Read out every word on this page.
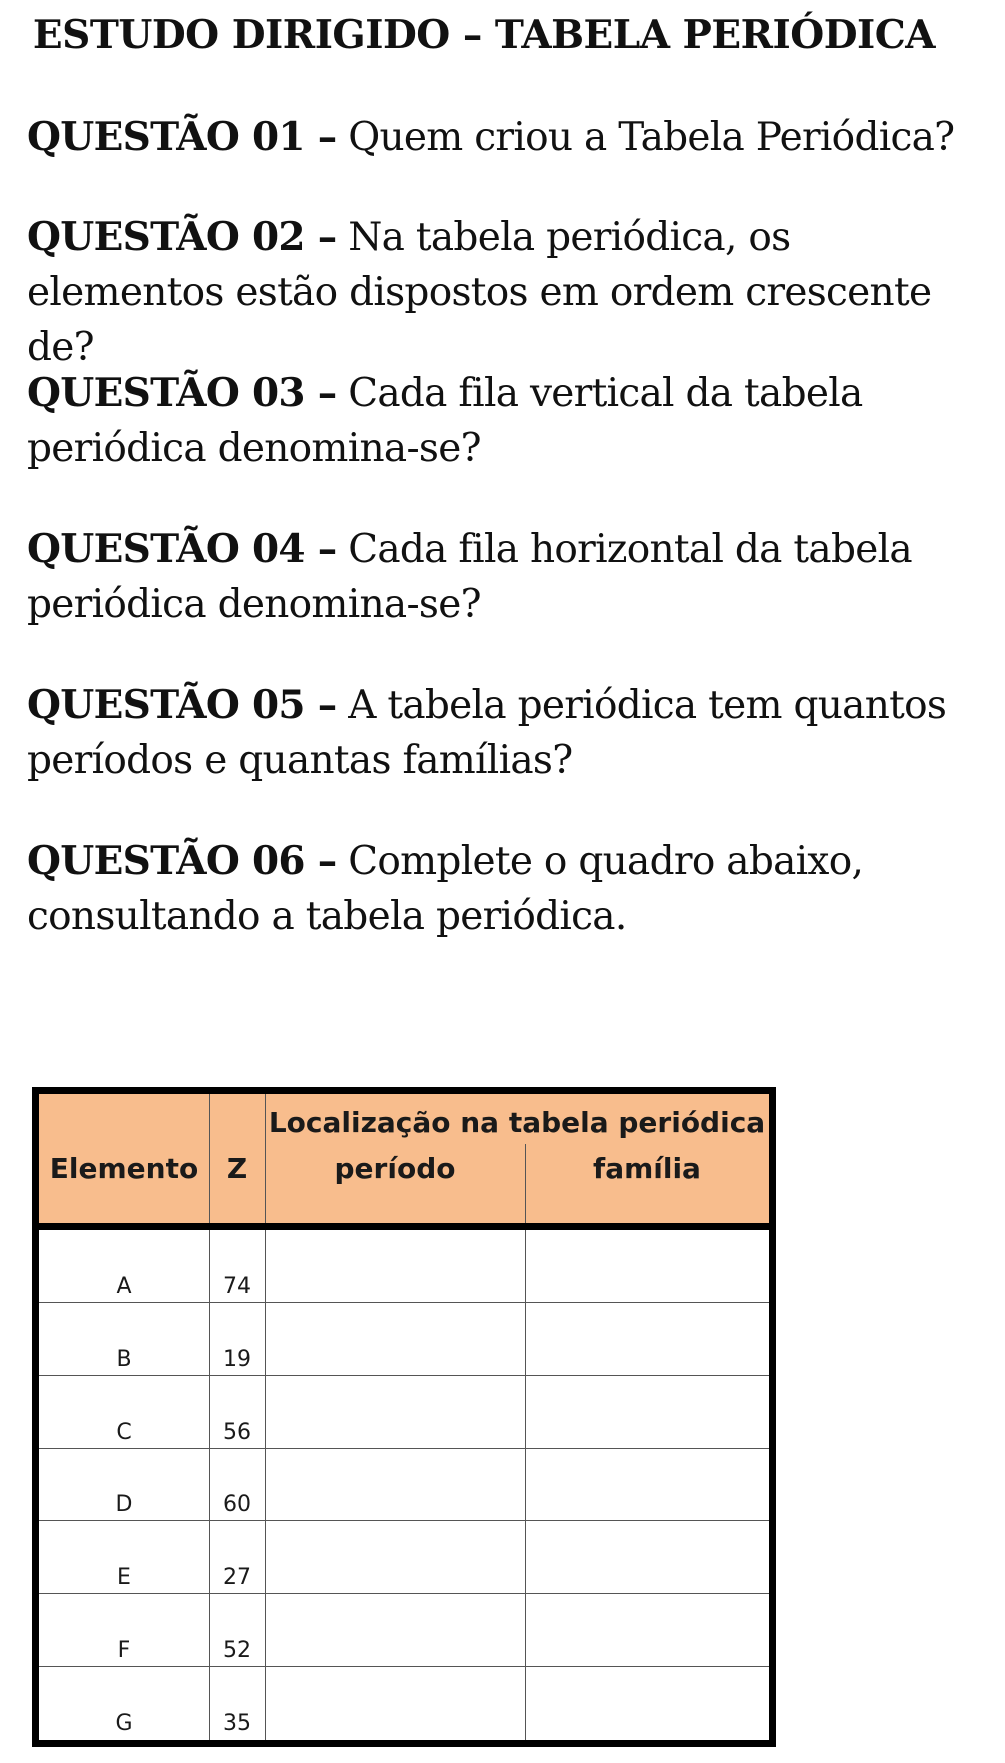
ESTUDO DIRIGIDO – TABELA PERIÓDICA
QUESTÃO 01 – Quem criou a Tabela Periódica?
QUESTÃO 02 – Na tabela periódica, os elementos estão dispostos em ordem crescente de?
QUESTÃO 03 – Cada fila vertical da tabela periódica denomina-se?
QUESTÃO 04 – Cada fila horizontal da tabela periódica denomina-se?
QUESTÃO 05 – A tabela periódica tem quantos períodos e quantas famílias?
QUESTÃO 06 – Complete o quadro abaixo, consultando a tabela periódica.
Elemento	Z
Localização na tabela periódica
período	família
A	74
B	19
C	56
D	60
E	27
F	52
G	35
